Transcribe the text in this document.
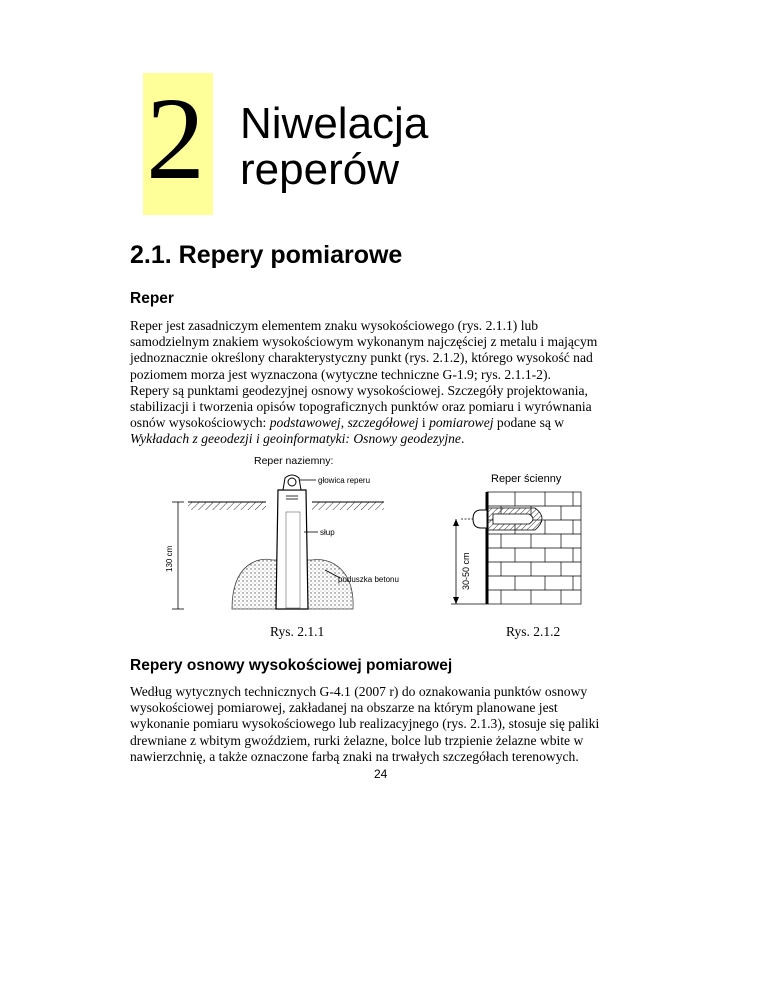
2 Niwelacja
reperów
2.1. Repery pomiarowe
Reper
Reper jest zasadniczym elementem znaku wysokościowego (rys. 2.1.1) lub
samodzielnym znakiem wysokościowym wykonanym najczęściej z metalu i mającym
jednoznacznie określony charakterystyczny punkt (rys. 2.1.2), którego wysokość nad
poziomem morza jest wyznaczona (wytyczne techniczne G-1.9; rys. 2.1.1-2).
Repery są punktami geodezyjnej osnowy wysokościowej. Szczegóły projektowania,
stabilizacji i tworzenia opisów topograficznych punktów oraz pomiaru i wyrównania
osnów wysokościowych: podstawowej, szczegółowej i pomiarowej podane są w
Wykładach z geeodezji i geoinformatyki: Osnowy geodezyjne.
Reper naziemny:
głowica reperu
słup
poduszka betonu
130 cm
Reper ścienny
30-50 cm
Rys. 2.1.1	Rys. 2.1.2
Repery osnowy wysokościowej pomiarowej
Według wytycznych technicznych G-4.1 (2007 r) do oznakowania punktów osnowy
wysokościowej pomiarowej, zakładanej na obszarze na którym planowane jest
wykonanie pomiaru wysokościowego lub realizacyjnego (rys. 2.1.3), stosuje się paliki
drewniane z wbitym gwoździem, rurki żelazne, bolce lub trzpienie żelazne wbite w
nawierzchnię, a także oznaczone farbą znaki na trwałych szczegółach terenowych.
24
